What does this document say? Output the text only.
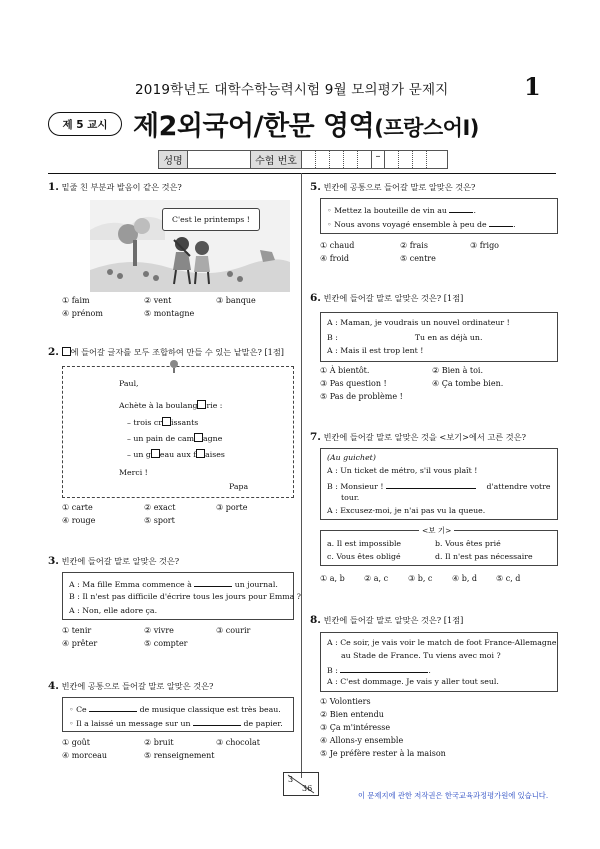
2019학년도 대학수학능력시험 9월 모의평가 문제지	1
제 5 교시 제2외국어/한문 영역(프랑스어Ⅰ)
성명	수험 번호	–
1. 밑줄 친 부분과 발음이 같은 것은?
C'est le printemps !
① faim	② vent	③ banque
④ prénom	⑤ montagne
2. 에 들어갈 글자를 모두 조합하여 만들 수 있는 낱말은? [1점]
Paul,
Achète à la boulang rie :
– trois cr issants
– un pain de cam agne
– un g eau aux f aises
Merci !
Papa
① carte	② exact	③ porte
④ rouge	⑤ sport
3. 빈칸에 들어갈 말로 알맞은 것은?
A : Ma fille Emma commence à	un journal.
B : Il n'est pas difficile d'écrire tous les jours pour Emma ?
A : Non, elle adore ça.
① tenir	② vivre	③ courir
④ prêter	⑤ compter
4. 빈칸에 공통으로 들어갈 말로 알맞은 것은?
◦ Ce	de musique classique est très beau.
◦ Il a laissé un message sur un	de papier.
① goût	② bruit	③ chocolat
④ morceau	⑤ renseignement
5. 빈칸에 공통으로 들어갈 말로 알맞은 것은?
◦ Mettez la bouteille de vin au	.
◦ Nous avons voyagé ensemble à peu de	.
① chaud	② frais	③ frigo
④ froid	⑤ centre
6. 빈칸에 들어갈 말로 알맞은 것은? [1점]
A : Maman, je voudrais un nouvel ordinateur !
B :	Tu en as déjà un.
A : Mais il est trop lent !
① À bientôt.	② Bien à toi.
③ Pas question !	④ Ça tombe bien.
⑤ Pas de problème !
7. 빈칸에 들어갈 말로 알맞은 것을 <보기>에서 고른 것은?
(Au guichet)
A : Un ticket de métro, s'il vous plaît !
B : Monsieur !	d'attendre votre
tour.
A : Excusez-moi, je n'ai pas vu la queue.
<보 기>
a. Il est impossible	b. Vous êtes prié
c. Vous êtes obligé	d. Il n'est pas nécessaire
① a, b ② a, c ③ b, c ④ b, d ⑤ c, d
8. 빈칸에 들어갈 말로 알맞은 것은? [1점]
A : Ce soir, je vais voir le match de foot France-Allemagne
au Stade de France. Tu viens avec moi ?
B :	.
A : C'est dommage. Je vais y aller tout seul.
① Volontiers
② Bien entendu
③ Ça m'intéresse
④ Allons-y ensemble
⑤ Je préfère rester à la maison
3
36
이 문제지에 관한 저작권은 한국교육과정평가원에 있습니다.
